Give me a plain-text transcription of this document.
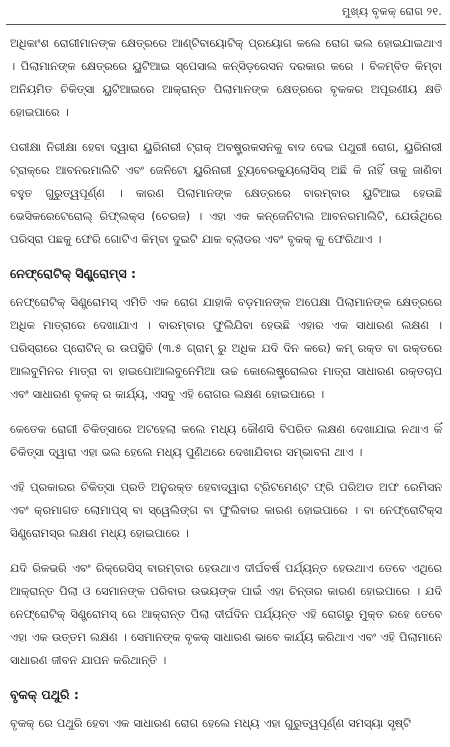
ମୁଖ୍ୟ ବୃକକ୍ ରୋଗ ୨୧.

ଅଧିକାଂଶ ରୋଗୀମାନଙ୍କ କ୍ଷେତ୍ରରେ ଆଣ୍ଟିବାୟୋଟିକ୍ ପ୍ରୟୋଗ କଲେ ରୋଗ ଭଲ ହୋଇଯାଇଥାଏ । ପିଲାମାନଙ୍କ କ୍ଷେତ୍ରରେ ୟୁଟିଆଇ ସ୍ପେସାଲ କନ୍ସିଡ଼ରେସନ ଦରକାର କରେ । ବିଳମ୍ବିତ କିମ୍ବା ଅନିୟମିତ ଚିକିତ୍ସା ୟୁଟିଆଇରେ ଆକ୍ରାନ୍ତ ପିଲାମାନଙ୍କ କ୍ଷେତ୍ରରେ ବୃକକର ଅପୂରଣୀୟ କ୍ଷତି ହୋଇପାରେ ।

ପରୀକ୍ଷା ନିରୀକ୍ଷା ହେବା ଦ୍ୱାରା ୟୁରିନାରୀ ଟ୍ରାକ୍ ଅବଷ୍ଟ୍ରକସନକୁ ବାଦ ଦେଇ ପଥୁରୀ ରୋଗ, ୟୁରିନାରୀ ଟ୍ରାକ୍‌ରେ ଆବନରମାଲିଟି ଏବଂ ଜେନିଟୋ ୟୁରିନାରୀ ଟ୍ୟୁବେରକ୍ୟୁଲୋସିସ୍ ଅଛି କି ନାହିଁ ତାକୁ ଜାଣିବା ବହୁତ ଗୁରୁତ୍ୱପୂର୍ଣ୍ଣ । କାରଣ ପିଲାମାନଙ୍କ କ୍ଷେତ୍ରରେ ବାରମ୍ବାର ୟୁଟିଆଇ ହେଉଛି ଭେସିକରେଟେରୋଲ୍ ରିଫ୍ଲକ୍ସ (ଚେରଜ) । ଏହା ଏକ କନ୍‌ଜେନିଟାଲ ଆବନରମାଲିଟି, ଯେଉଁଥିରେ ପରିସ୍ରା ପଛକୁ ଫେରି ଗୋଟିଏ କିମ୍ବା ଦୁଇଟି ଯାକ ବ୍ଲାଡର ଏବଂ ବୃକକ୍ କୁ ଫେରିଥାଏ ।

ନେଫ୍ରୋଟିକ୍ ସିଣ୍ଡ୍ରୋମ୍ସ :

ନେଫ୍ରୋଟିକ୍ ସିଣ୍ଡ୍ରୋମସ୍ ଏମିତି ଏକ ରୋଗ ଯାହାକି ବଡ଼ମାନଙ୍କ ଅପେକ୍ଷା ପିଲାମାନଙ୍କ କ୍ଷେତ୍ରରେ ଅଧିକ ମାତ୍ରାରେ ଦେଖାଯାଏ । ବାରମ୍ବାର ଫୁଲିଯିବା ହେଉଛି ଏହାର ଏକ ସାଧାରଣ ଲକ୍ଷଣ । ପରିସ୍ରାରେ ପ୍ରୋଟିନ୍ ର ଉପସ୍ଥିତି (୩.୫ ଗ୍ରାମ୍ ରୁ ଅଧିକ ଯଦି ଦିନ କରେ) କମ୍ ରକ୍ତ ବା ରକ୍ତରେ ଆଲବୁମିନର ମାତ୍ରା ବା ହାଇପୋଆଲବୁନେମିଆ ଉଚ୍ଚ କୋଲେଷ୍ଟ୍ରୋଲର ମାତ୍ରା ସାଧାରଣ ରକ୍ତଚାପ ଏବଂ ସାଧାରଣ ବୃକକ୍ ର କାର୍ଯ୍ୟ, ଏସବୁ ଏହି ରୋଗର ଲକ୍ଷଣ ହୋଇପାରେ ।

କେତେକ ରୋଗୀ ଚିକିତ୍ସାରେ ଅଟହେଲା କଲେ ମଧ୍ୟ କୌଣସି ବିପରିତ ଲକ୍ଷଣ ଦେଖାଯାଇ ନଥାଏ କିଁ ଚିକିତ୍ସା ଦ୍ୱାରା ଏହା ଭଲ ହେଲେ ମଧ୍ୟ ପୁଣିଥରେ ଦେଖାଯିବାର ସମ୍ଭାବନା ଥାଏ ।

ଏହି ପ୍ରକାରର ଚିକିତ୍ସା ପ୍ରତି ଅନୁରକ୍ତ ହେବାଦ୍ୱାରା ଟ୍ରିଟମେଣ୍ଟ ଫ୍ରି ପରିଅଡ ଅଫ ରେମିସନ ଏବଂ କ୍ରମାଗତ ଲୋମାପ୍‌ସ୍ ବା ସ୍ୱେଲିଙ୍ଗ ବା ଫୁଲିବାର କାରଣ ହୋଇପାରେ । ବା ନେଫ୍ରୋଟିକ୍‌ସ ସିଣ୍ଡ୍ରୋମସ୍‌ର ଲକ୍ଷଣ ମଧ୍ୟ ହୋଇପାରେ ।

ଯଦି ରିକଭରି ଏବଂ ରିକ୍ରେସିସ୍ ବାରମ୍ବାର ହେଉଥାଏ ଦୀର୍ଘବର୍ଷ ପର୍ଯ୍ୟନ୍ତ ହେଉଥାଏ ତେବେ ଏଥିରେ ଆକ୍ରାନ୍ତ ପିଲା ଓ ସେମାନଙ୍କ ପରିବାର ଉଭୟଙ୍କ ପାଇଁ ଏହା ଚିନ୍ତାର କାରଣ ହୋଇପାରେ । ଯଦି ନେଫ୍ରୋଟିକ୍ ସିଣ୍ଡ୍ରୋମସ୍ ରେ ଆକ୍ରାନ୍ତ ପିଲା ଦୀର୍ଘଦିନ ପର୍ଯ୍ୟନ୍ତ ଏହି ରୋଗରୁ ମୁକ୍ତ ରହେ ତେବେ ଏହା ଏକ ଉତ୍ତମ ଲକ୍ଷଣ । ସେମାନଙ୍କ ବୃକକ୍ ସାଧାରଣ ଭାବେ କାର୍ଯ୍ୟ କରିଥାଏ ଏବଂ ଏହି ପିଲାମାନେ ସାଧାରଣ ଜୀବନ ଯାପନ କରିଥାନ୍ତି ।

ବୃକକ୍ ପଥୁରି :

ବୃକକ୍ ରେ ପଥୁରି ହେବା ଏକ ସାଧାରଣ ରୋଗ ହେଲେ ମଧ୍ୟ ଏହା ଗୁରୁତ୍ୱପୂର୍ଣ୍ଣ ସମସ୍ୟା ସୃଷ୍ଟି
